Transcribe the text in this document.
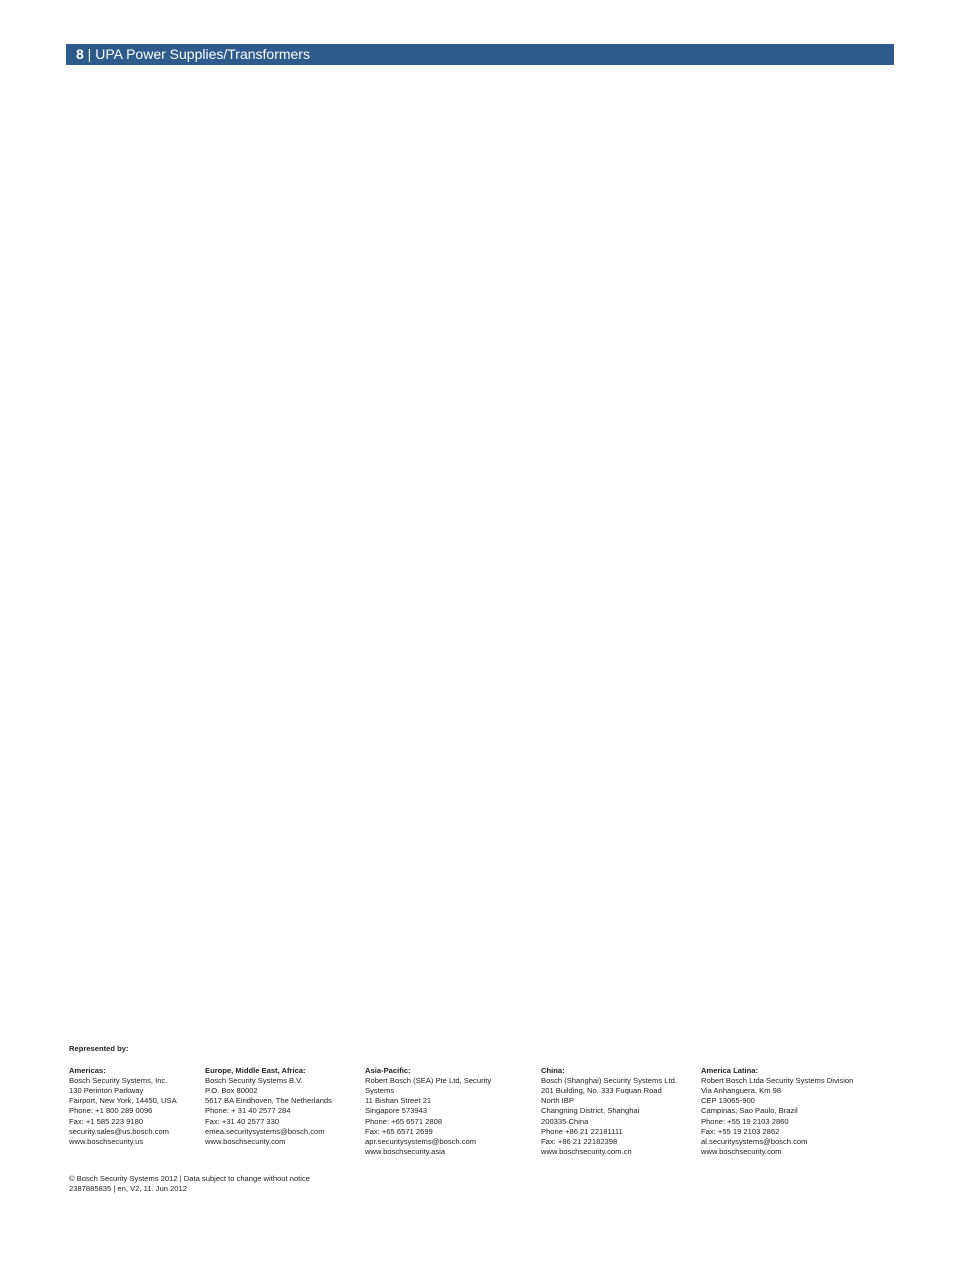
8 | UPA Power Supplies/Transformers

Represented by:

Americas:
Bosch Security Systems, Inc.
130 Perinton Parkway
Fairport, New York, 14450, USA
Phone: +1 800 289 0096
Fax: +1 585 223 9180
security.sales@us.bosch.com
www.boschsecurity.us
Europe, Middle East, Africa:
Bosch Security Systems B.V.
P.O. Box 80002
5617 BA Eindhoven, The Netherlands
Phone: + 31 40 2577 284
Fax: +31 40 2577 330
emea.securitysystems@bosch.com
www.boschsecurity.com
Asia-Pacific:
Robert Bosch (SEA) Pte Ltd, Security
Systems
11 Bishan Street 21
Singapore 573943
Phone: +65 6571 2808
Fax: +65 6571 2699
apr.securitysystems@bosch.com
www.boschsecurity.asia
China:
Bosch (Shanghai) Security Systems Ltd.
201 Building, No. 333 Fuquan Road
North IBP
Changning District, Shanghai
200335 China
Phone +86 21 22181111
Fax: +86 21 22182398
www.boschsecurity.com.cn
America Latina:
Robert Bosch Ltda Security Systems Division
Via Anhanguera, Km 98
CEP 13065-900
Campinas, Sao Paulo, Brazil
Phone: +55 19 2103 2860
Fax: +55 19 2103 2862
al.securitysystems@bosch.com
www.boschsecurity.com
© Bosch Security Systems 2012 | Data subject to change without notice
2387885835 | en, V2, 11. Jun 2012
